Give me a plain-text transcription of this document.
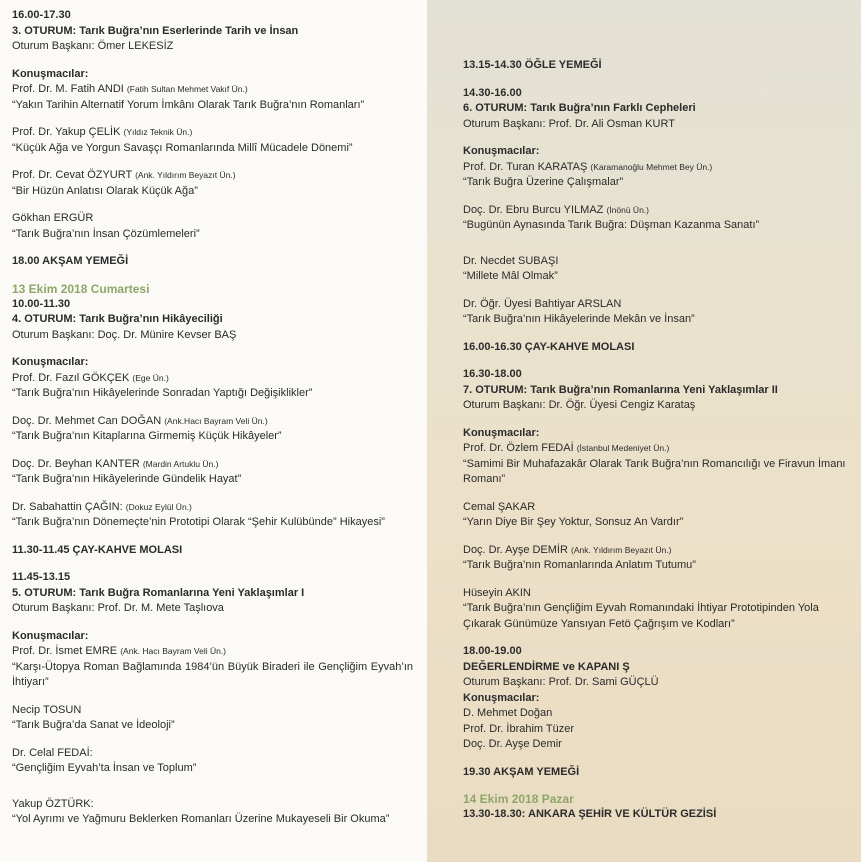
16.00-17.30
3. OTURUM: Tarık Buğra’nın Eserlerinde Tarih ve İnsan
Oturum Başkanı: Ömer LEKESİZ
Konuşmacılar:
Prof. Dr. M. Fatih ANDI (Fatih Sultan Mehmet Vakıf Ün.)
“Yakın Tarihin Alternatif Yorum İmkânı Olarak Tarık Buğra’nın Romanları”
Prof. Dr. Yakup ÇELİK (Yıldız Teknik Ün.)
“Küçük Ağa ve Yorgun Savaşçı Romanlarında Millî Mücadele Dönemi”
Prof. Dr. Cevat ÖZYURT (Ank. Yıldırım Beyazıt Ün.)
“Bir Hüzün Anlatısı Olarak Küçük Ağa”
Gökhan ERGÜR
“Tarık Buğra’nın İnsan Çözümlemeleri”
18.00 AKŞAM YEMEĞİ
13 Ekim 2018 Cumartesi
10.00-11.30
4. OTURUM: Tarık Buğra’nın Hikâyeciliği
Oturum Başkanı: Doç. Dr. Münire Kevser BAŞ
Konuşmacılar:
Prof. Dr. Fazıl GÖKÇEK (Ege Ün.)
“Tarık Buğra’nın Hikâyelerinde Sonradan Yaptığı Değişiklikler”
Doç. Dr. Mehmet Can DOĞAN (Ank.Hacı Bayram Veli Ün.)
“Tarık Buğra’nın Kitaplarına Girmemiş Küçük Hikâyeler”
Doç. Dr. Beyhan KANTER (Mardin Artuklu Ün.)
“Tarık Buğra’nın Hikâyelerinde Gündelik Hayat”
Dr. Sabahattin ÇAĞIN: (Dokuz Eylül Ün.)
“Tarık Buğra’nın Dönemeçte’nin Prototipi Olarak “Şehir Kulübünde” Hikayesi”
11.30-11.45 ÇAY-KAHVE MOLASI
11.45-13.15
5. OTURUM: Tarık Buğra Romanlarına Yeni Yaklaşımlar I
Oturum Başkanı: Prof. Dr. M. Mete Taşlıova
Konuşmacılar:
Prof. Dr. İsmet EMRE (Ank. Hacı Bayram Veli Ün.)
“Karşı-Ütopya Roman Bağlamında 1984’ün Büyük Biraderi ile Gençliğim Eyvah’ın İhtiyarı”
Necip TOSUN
“Tarık Buğra’da Sanat ve İdeoloji”
Dr. Celal FEDAİ:
“Gençliğim Eyvah’ta İnsan ve Toplum”
Yakup ÖZTÜRK:
“Yol Ayrımı ve Yağmuru Beklerken Romanları Üzerine Mukayeseli Bir Okuma”
13.15-14.30 ÖĞLE YEMEĞİ
14.30-16.00
6. OTURUM: Tarık Buğra’nın Farklı Cepheleri
Oturum Başkanı: Prof. Dr. Ali Osman KURT
Konuşmacılar:
Prof. Dr. Turan KARATAŞ (Karamanoğlu Mehmet Bey Ün.)
“Tarık Buğra Üzerine Çalışmalar”
Doç. Dr. Ebru Burcu YILMAZ (İnönü Ün.)
“Bugünün Aynasında Tarık Buğra: Düşman Kazanma Sanatı”
Dr. Necdet SUBAŞI
“Millete Mâl Olmak”
Dr. Öğr. Üyesi Bahtiyar ARSLAN
“Tarık Buğra’nın Hikâyelerinde Mekân ve İnsan”
16.00-16.30 ÇAY-KAHVE MOLASI
16.30-18.00
7. OTURUM: Tarık Buğra’nın Romanlarına Yeni Yaklaşımlar II
Oturum Başkanı: Dr. Öğr. Üyesi Cengiz Karataş
Konuşmacılar:
Prof. Dr. Özlem FEDAİ (İstanbul Medeniyet Ün.)
“Samimi Bir Muhafazakâr Olarak Tarık Buğra’nın Romancılığı ve Firavun İmanı Romanı”
Cemal ŞAKAR
“Yarın Diye Bir Şey Yoktur, Sonsuz An Vardır”
Doç. Dr. Ayşe DEMİR (Ank. Yıldırım Beyazıt Ün.)
“Tarık Buğra’nın Romanlarında Anlatım Tutumu”
Hüseyin AKIN
“Tarık Buğra’nın Gençliğim Eyvah Romanındaki İhtiyar Prototipinden Yola Çıkarak Günümüze Yansıyan Fetö Çağrışım ve Kodları”
18.00-19.00
DEĞERLENDİRME ve KAPANI Ş
Oturum Başkanı: Prof. Dr. Sami GÜÇLÜ
Konuşmacılar:
D. Mehmet Doğan
Prof. Dr. İbrahim Tüzer
Doç. Dr. Ayşe Demir
19.30 AKŞAM YEMEĞİ
14 Ekim 2018 Pazar
13.30-18.30: ANKARA ŞEHİR VE KÜLTÜR GEZİSİ
